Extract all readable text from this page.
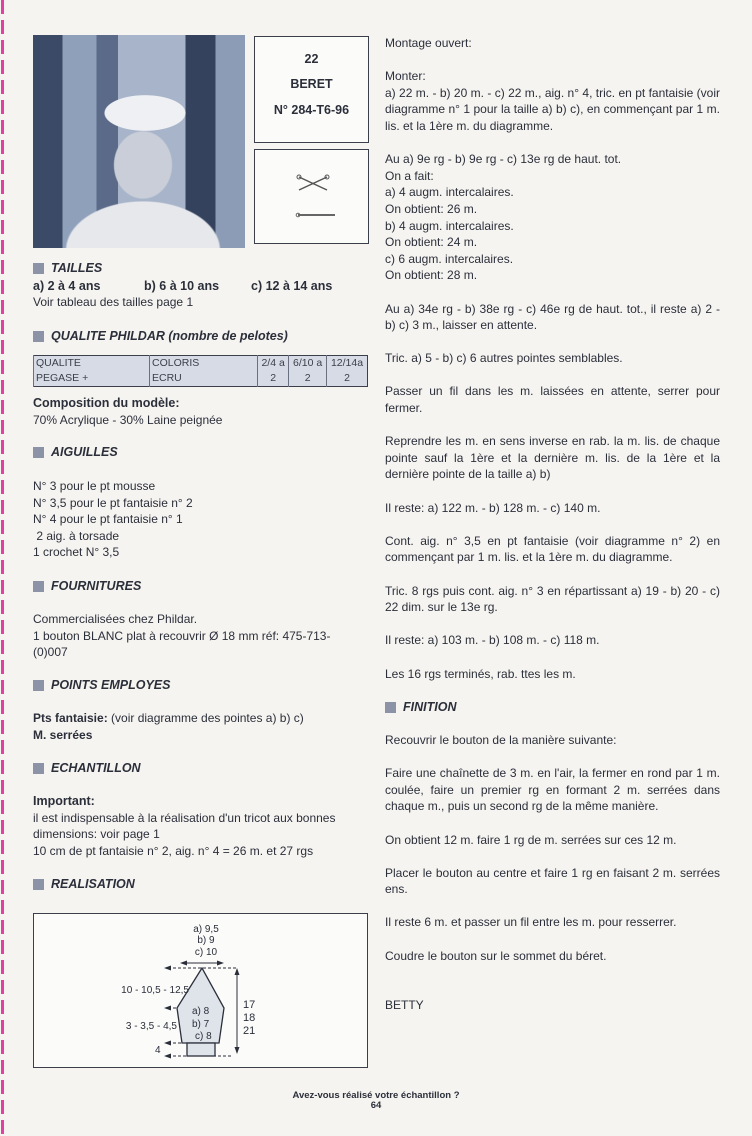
22
BERET
N° 284-T6-96
TAILLES
a) 2 à 4 ans	b) 6 à 10 ans	c) 12 à 14 ans
Voir tableau des tailles page 1
QUALITE PHILDAR (nombre de pelotes)
QUALITE	COLORIS	2/4 a	6/10 a	12/14a
PEGASE +	ECRU	2	2	2
Composition du modèle:
70% Acrylique - 30% Laine peignée
AIGUILLES
N° 3 pour le pt mousse
N° 3,5 pour le pt fantaisie n° 2
N° 4 pour le pt fantaisie n° 1
2 aig. à torsade
1 crochet N° 3,5
FOURNITURES
Commercialisées chez Phildar.
1 bouton BLANC plat à recouvrir Ø 18 mm réf: 475-713-
(0)007
POINTS EMPLOYES
Pts fantaisie: (voir diagramme des pointes a) b) c)
M. serrées
ECHANTILLON
Important:
il est indispensable à la réalisation d'un tricot aux bonnes
dimensions: voir page 1
10 cm de pt fantaisie n° 2, aig. n° 4 = 26 m. et 27 rgs
REALISATION
a) 9,5
b) 9
c) 10
10 - 10,5 - 12,5
3 - 3,5 - 4,5
4
a) 8
b) 7
c) 8
17
18
21

Montage ouvert:

Monter:
a) 22 m. - b) 20 m. - c) 22 m., aig. n° 4, tric. en pt fantaisie (voir diagramme n° 1 pour la taille a) b) c), en commençant par 1 m. lis. et la 1ère m. du diagramme.

Au a) 9e rg - b) 9e rg - c) 13e rg de haut. tot.
On a fait:
a) 4 augm. intercalaires.
On obtient: 26 m.
b) 4 augm. intercalaires.
On obtient: 24 m.
c) 6 augm. intercalaires.
On obtient: 28 m.

Au a) 34e rg - b) 38e rg - c) 46e rg de haut. tot., il reste a) 2 - b) c) 3 m., laisser en attente.

Tric. a) 5 - b) c) 6 autres pointes semblables.

Passer un fil dans les m. laissées en attente, serrer pour fermer.

Reprendre les m. en sens inverse en rab. la m. lis. de chaque pointe sauf la 1ère et la dernière m. lis. de la 1ère et la dernière pointe de la taille a) b)

Il reste: a) 122 m. - b) 128 m. - c) 140 m.

Cont. aig. n° 3,5 en pt fantaisie (voir diagramme n° 2) en commençant par 1 m. lis. et la 1ère m. du diagramme.

Tric. 8 rgs puis cont. aig. n° 3 en répartissant a) 19 - b) 20 - c) 22 dim. sur le 13e rg.

Il reste: a) 103 m. - b) 108 m. - c) 118 m.

Les 16 rgs terminés, rab. ttes les m.

FINITION

Recouvrir le bouton de la manière suivante:

Faire une chaînette de 3 m. en l'air, la fermer en rond par 1 m. coulée, faire un premier rg en formant 2 m. serrées dans chaque m., puis un second rg de la même manière.

On obtient 12 m. faire 1 rg de m. serrées sur ces 12 m.

Placer le bouton au centre et faire 1 rg en faisant 2 m. serrées ens.

Il reste 6 m. et passer un fil entre les m. pour resserrer.

Coudre le bouton sur le sommet du béret.

BETTY

Avez-vous réalisé votre échantillon ?
64
